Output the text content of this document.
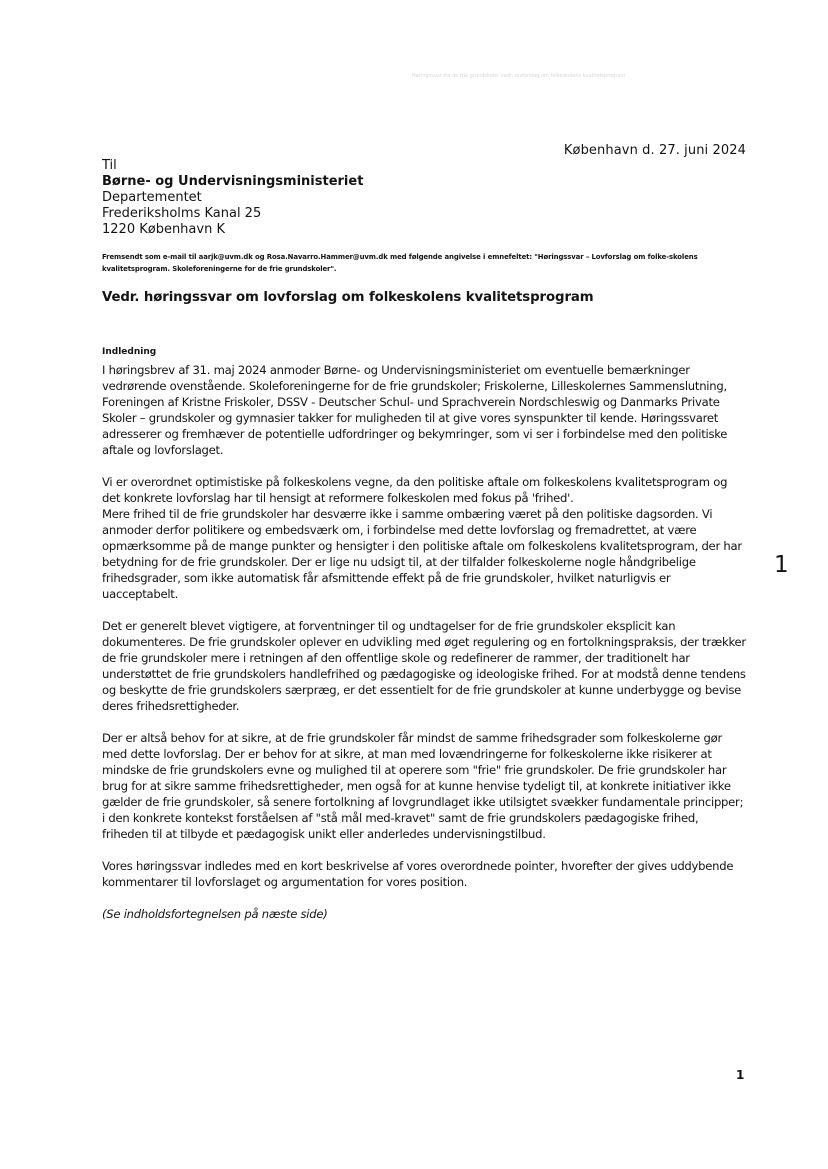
Høringssvar fra de frie grundskoler vedr. lovforslag om folkeskolens kvalitetsprogram
København d. 27. juni 2024
Til
Børne- og Undervisningsministeriet
Departementet
Frederiksholms Kanal 25
1220 København K
Fremsendt som e-mail til aarjk@uvm.dk og Rosa.Navarro.Hammer@uvm.dk med følgende angivelse i emnefeltet: "Høringssvar – Lovforslag om folke-skolens kvalitetsprogram. Skoleforeningerne for de frie grundskoler".
Vedr. høringssvar om lovforslag om folkeskolens kvalitetsprogram
Indledning

I høringsbrev af 31. maj 2024 anmoder Børne- og Undervisningsministeriet om eventuelle bemærkninger vedrørende ovenstående. Skoleforeningerne for de frie grundskoler; Friskolerne, Lilleskolernes Sammenslutning, Foreningen af Kristne Friskoler, DSSV - Deutscher Schul- und Sprachverein Nordschleswig og Danmarks Private Skoler – grundskoler og gymnasier takker for muligheden til at give vores synspunkter til kende. Høringssvaret adresserer og fremhæver de potentielle udfordringer og bekymringer, som vi ser i forbindelse med den politiske aftale og lovforslaget.

Vi er overordnet optimistiske på folkeskolens vegne, da den politiske aftale om folkeskolens kvalitetsprogram og det konkrete lovforslag har til hensigt at reformere folkeskolen med fokus på 'frihed'.

Mere frihed til de frie grundskoler har desværre ikke i samme ombæring været på den politiske dagsorden. Vi anmoder derfor politikere og embedsværk om, i forbindelse med dette lovforslag og fremadrettet, at være opmærksomme på de mange punkter og hensigter i den politiske aftale om folkeskolens kvalitetsprogram, der har betydning for de frie grundskoler. Der er lige nu udsigt til, at der tilfalder folkeskolerne nogle håndgribelige frihedsgrader, som ikke automatisk får afsmittende effekt på de frie grundskoler, hvilket naturligvis er uacceptabelt.

Det er generelt blevet vigtigere, at forventninger til og undtagelser for de frie grundskoler eksplicit kan dokumenteres. De frie grundskoler oplever en udvikling med øget regulering og en fortolkningspraksis, der trækker de frie grundskoler mere i retningen af den offentlige skole og redefinerer de rammer, der traditionelt har understøttet de frie grundskolers handlefrihed og pædagogiske og ideologiske frihed. For at modstå denne tendens og beskytte de frie grundskolers særpræg, er det essentielt for de frie grundskoler at kunne underbygge og bevise deres frihedsrettigheder.

Der er altså behov for at sikre, at de frie grundskoler får mindst de samme frihedsgrader som folkeskolerne gør med dette lovforslag. Der er behov for at sikre, at man med lovændringerne for folkeskolerne ikke risikerer at mindske de frie grundskolers evne og mulighed til at operere som "frie" frie grundskoler. De frie grundskoler har brug for at sikre samme frihedsrettigheder, men også for at kunne henvise tydeligt til, at konkrete initiativer ikke gælder de frie grundskoler, så senere fortolkning af lovgrundlaget ikke utilsigtet svækker fundamentale principper; i den konkrete kontekst forståelsen af "stå mål med-kravet" samt de frie grundskolers pædagogiske frihed, friheden til at tilbyde et pædagogisk unikt eller anderledes undervisningstilbud.

Vores høringssvar indledes med en kort beskrivelse af vores overordnede pointer, hvorefter der gives uddybende kommentarer til lovforslaget og argumentation for vores position.

(Se indholdsfortegnelsen på næste side)

1
1
